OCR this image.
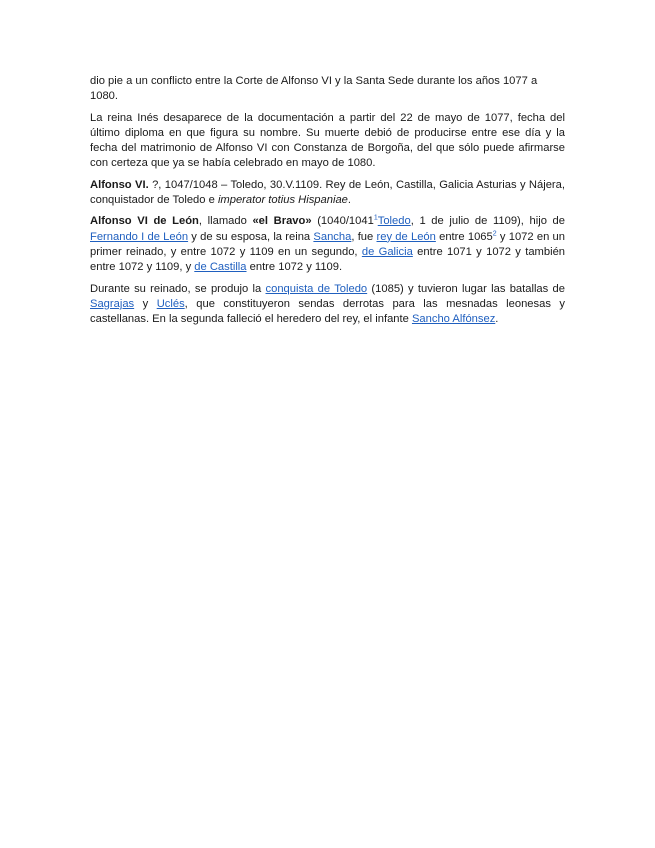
dio pie a un conflicto entre la Corte de Alfonso VI y la Santa Sede durante los años 1077 a 1080.

La reina Inés desaparece de la documentación a partir del 22 de mayo de 1077, fecha del último diploma en que figura su nombre. Su muerte debió de producirse entre ese día y la fecha del matrimonio de Alfonso VI con Constanza de Borgoña, del que sólo puede afirmarse con certeza que ya se había celebrado en mayo de 1080.

Alfonso VI. ?, 1047/1048 – Toledo, 30.V.1109. Rey de León, Castilla, Galicia Asturias y Nájera, conquistador de Toledo e imperator totius Hispaniae.

Alfonso VI de León, llamado «el Bravo» (1040/1041$^1$Toledo, 1 de julio de 1109), hijo de Fernando I de León y de su esposa, la reina Sancha, fue rey de León entre 1065$^2$ y 1072 en un primer reinado, y entre 1072 y 1109 en un segundo, de Galicia entre 1071 y 1072 y también entre 1072 y 1109, y de Castilla entre 1072 y 1109.

Durante su reinado, se produjo la conquista de Toledo (1085) y tuvieron lugar las batallas de Sagrajas y Uclés, que constituyeron sendas derrotas para las mesnadas leonesas y castellanas. En la segunda falleció el heredero del rey, el infante Sancho Alfónsez.
